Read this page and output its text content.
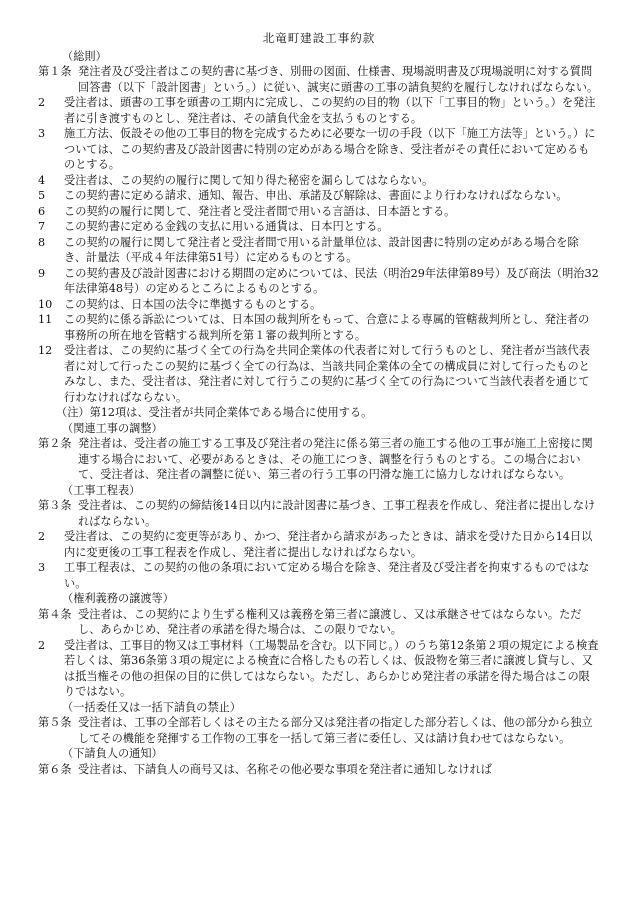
北竜町建設工事約款
（総則）
第１条 発注者及び受注者はこの契約書に基づき、別冊の図面、仕様書、現場説明書及び現場説明に対する質問回答書（以下「設計図書」という。）に従い、誠実に頭書の工事の請負契約を履行しなければならない。
2	受注者は、頭書の工事を頭書の工期内に完成し、この契約の目的物（以下「工事目的物」という。）を発注者に引き渡すものとし、発注者は、その請負代金を支払うものとする。
3	施工方法、仮設その他の工事目的物を完成するために必要な一切の手段（以下「施工方法等」という。）については、この契約書及び設計図書に特別の定めがある場合を除き、受注者がその責任において定めるものとする。
4	受注者は、この契約の履行に関して知り得た秘密を漏らしてはならない。
5	この契約書に定める請求、通知、報告、申出、承諾及び解除は、書面により行わなければならない。
6	この契約の履行に関して、発注者と受注者間で用いる言語は、日本語とする。
7	この契約書に定める金銭の支払に用いる通貨は、日本円とする。
8	この契約の履行に関して発注者と受注者間で用いる計量単位は、設計図書に特別の定めがある場合を除き、計量法（平成４年法律第51号）に定めるものとする。
9	この契約書及び設計図書における期間の定めについては、民法（明治29年法律第89号）及び商法（明治32年法律第48号）の定めるところによるものとする。
10	この契約は、日本国の法令に準拠するものとする。
11	この契約に係る訴訟については、日本国の裁判所をもって、合意による専属的管轄裁判所とし、発注者の事務所の所在地を管轄する裁判所を第１審の裁判所とする。
12	受注者は、この契約に基づく全ての行為を共同企業体の代表者に対して行うものとし、発注者が当該代表者に対して行ったこの契約に基づく全ての行為は、当該共同企業体の全ての構成員に対して行ったものとみなし、また、受注者は、発注者に対して行うこの契約に基づく全ての行為について当該代表者を通じて行わなければならない。
（注）第12項は、受注者が共同企業体である場合に使用する。
（関連工事の調整）
第２条 発注者は、受注者の施工する工事及び発注者の発注に係る第三者の施工する他の工事が施工上密接に関連する場合において、必要があるときは、その施工につき、調整を行うものとする。この場合において、受注者は、発注者の調整に従い、第三者の行う工事の円滑な施工に協力しなければならない。
（工事工程表）
第３条 受注者は、この契約の締結後14日以内に設計図書に基づき、工事工程表を作成し、発注者に提出しなければならない。
2	受注者は、この契約に変更等があり、かつ、発注者から請求があったときは、請求を受けた日から14日以内に変更後の工事工程表を作成し、発注者に提出しなければならない。
3	工事工程表は、この契約の他の条項において定める場合を除き、発注者及び受注者を拘束するものではない。
（権利義務の譲渡等）
第４条 受注者は、この契約により生ずる権利又は義務を第三者に譲渡し、又は承継させてはならない。ただし、あらかじめ、発注者の承諾を得た場合は、この限りでない。
2	受注者は、工事目的物又は工事材料（工場製品を含む。以下同じ。）のうち第12条第２項の規定による検査若しくは、第36条第３項の規定による検査に合格したもの若しくは、仮設物を第三者に譲渡し貸与し、又は抵当権その他の担保の目的に供してはならない。ただし、あらかじめ発注者の承諾を得た場合はこの限りではない。
（一括委任又は一括下請負の禁止）
第５条 受注者は、工事の全部若しくはその主たる部分又は発注者の指定した部分若しくは、他の部分から独立してその機能を発揮する工作物の工事を一括して第三者に委任し、又は請け負わせてはならない。
（下請負人の通知）
第６条 受注者は、下請負人の商号又は、名称その他必要な事項を発注者に通知しなければ
